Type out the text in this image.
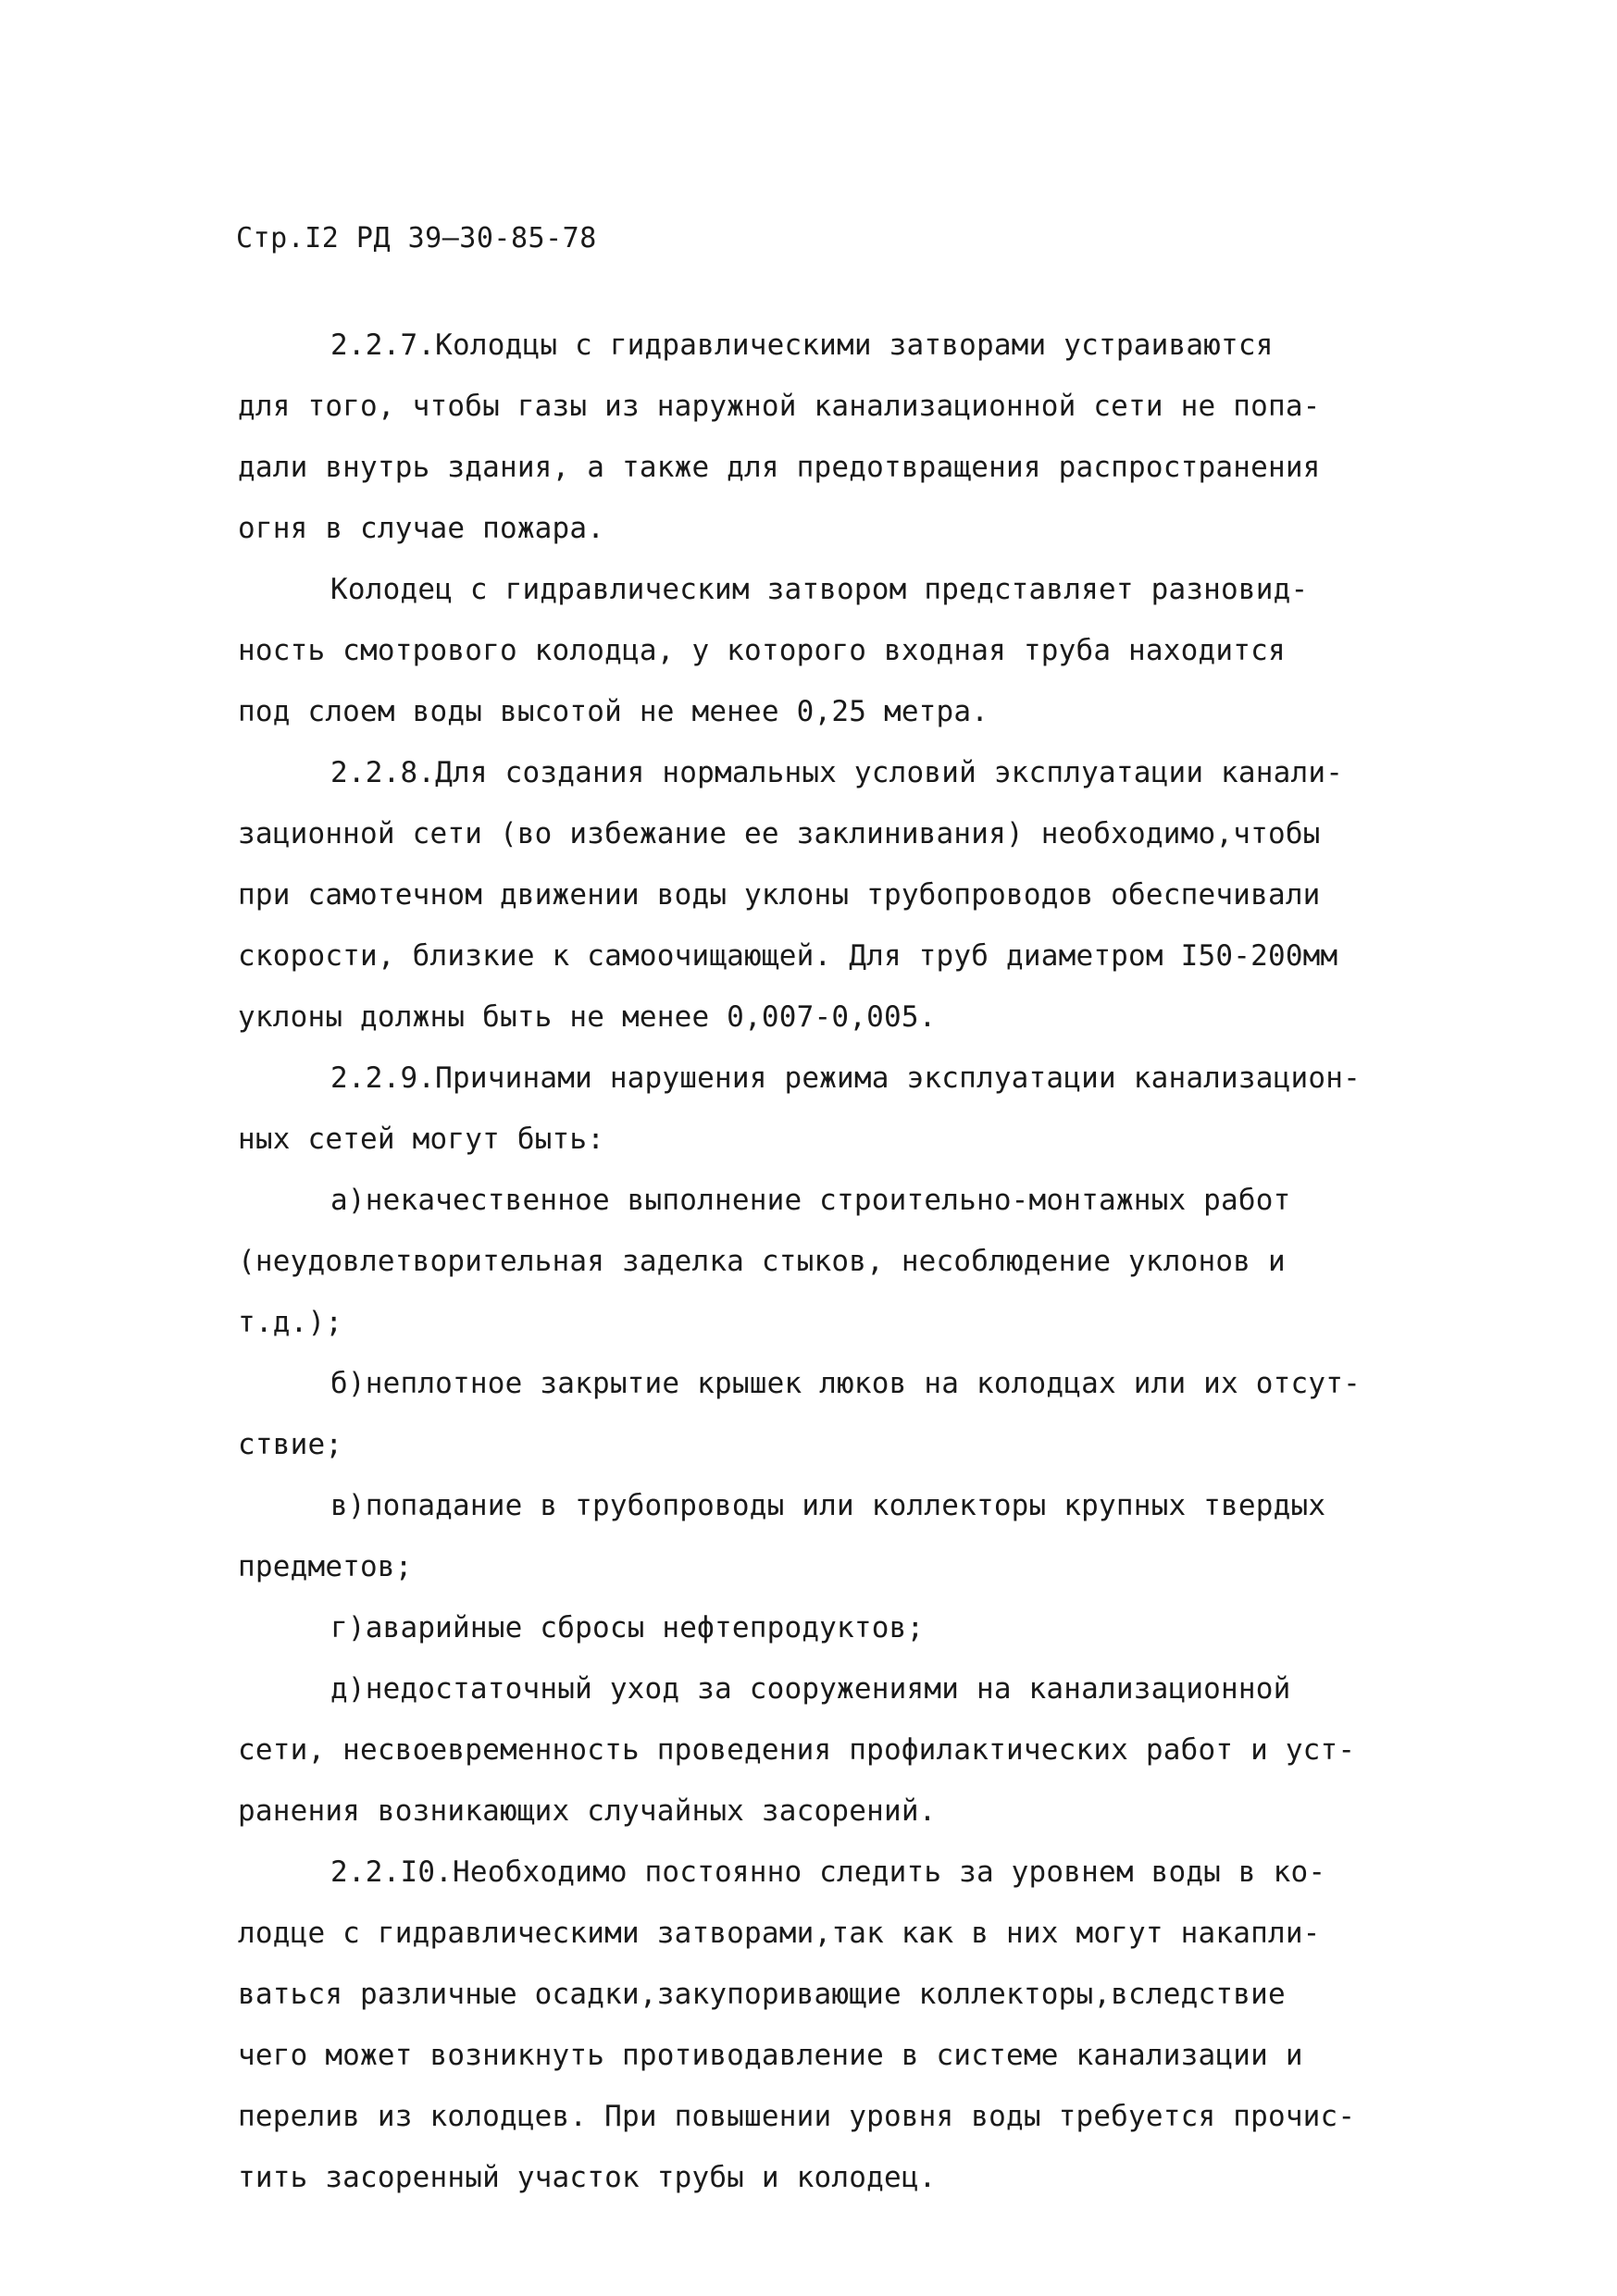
Стр.I2 РД 39—30-85-78
2.2.7.Колодцы с гидравлическими затворами устраиваются
для того, чтобы газы из наружной канализационной сети не попа-
дали внутрь здания, а также для предотвращения распространения
огня в случае пожара.
Колодец с гидравлическим затвором представляет разновид-
ность смотрового колодца, у которого входная труба находится
под слоем воды высотой не менее 0,25 метра.
2.2.8.Для создания нормальных условий эксплуатации канали-
зационной сети (во избежание ее заклинивания) необходимо,чтобы
при самотечном движении воды уклоны трубопроводов обеспечивали
скорости, близкие к самоочищающей. Для труб диаметром I50-200мм
уклоны должны быть не менее 0,007-0,005.
2.2.9.Причинами нарушения режима эксплуатации канализацион-
ных сетей могут быть:
а)некачественное выполнение строительно-монтажных работ
(неудовлетворительная заделка стыков, несоблюдение уклонов и
т.д.);
б)неплотное закрытие крышек люков на колодцах или их отсут-
ствие;
в)попадание в трубопроводы или коллекторы крупных твердых
предметов;
г)аварийные сбросы нефтепродуктов;
д)недостаточный уход за сооружениями на канализационной
сети, несвоевременность проведения профилактических работ и уст-
ранения возникающих случайных засорений.
2.2.I0.Необходимо постоянно следить за уровнем воды в ко-
лодце с гидравлическими затворами,так как в них могут накапли-
ваться различные осадки,закупоривающие коллекторы,вследствие
чего может возникнуть противодавление в системе канализации и
перелив из колодцев. При повышении уровня воды требуется прочис-
тить засоренный участок трубы и колодец.
